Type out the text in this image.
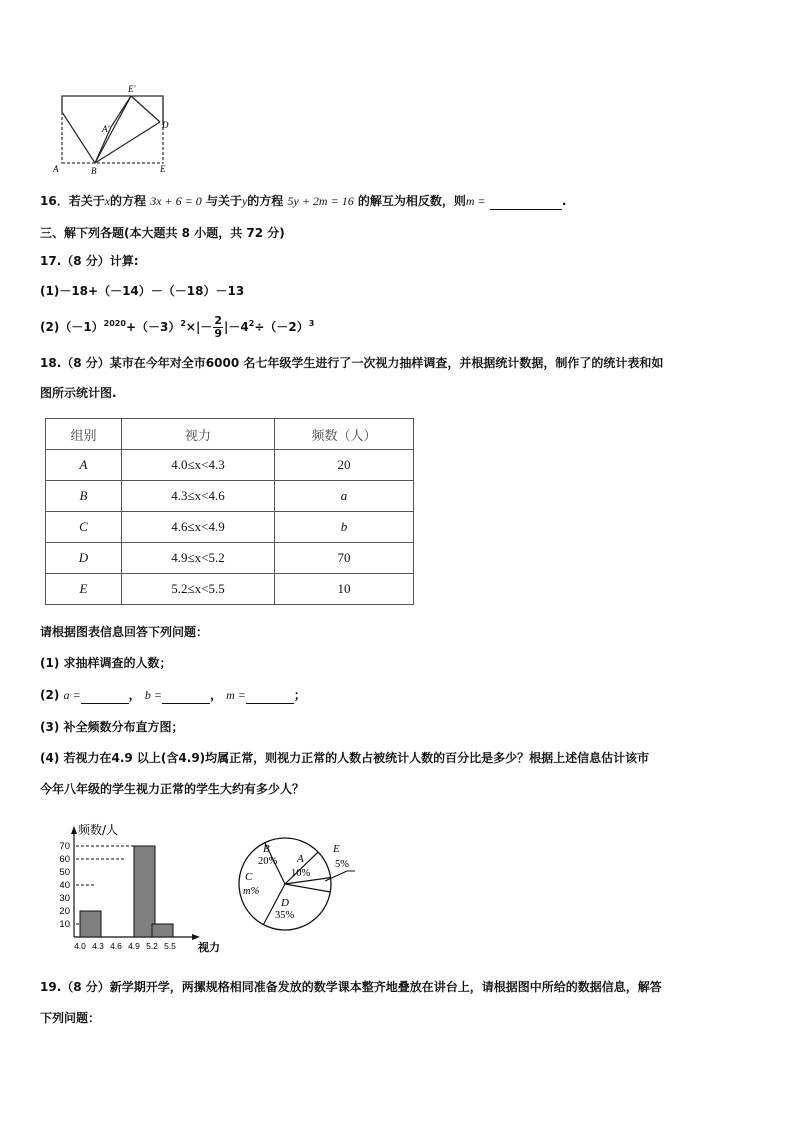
A
A'
B
D
E
E'
16．若关于x的方程 3x + 6 = 0 与关于y的方程 5y + 2m = 16 的解互为相反数，则m =	.
三、解下列各题(本大题共 8 小题，共 72 分)
17.（8 分）计算:
(1)－18+（－14）－（－18）－13
$(2)(-1)^{2020}+(-3)^2\times|- \frac{2}{9} |-4^2\div(-2)^3$
18.（8 分）某市在今年对全市6000 名七年级学生进行了一次视力抽样调查，并根据统计数据，制作了的统计表和如
图所示统计图.
组别	视力	频数（人）
A	4.0≤x<4.3	20
B	4.3≤x<4.6	a
C	4.6≤x<4.9	b
D	4.9≤x<5.2	70
E	5.2≤x<5.5	10
请根据图表信息回答下列问题：
(1) 求抽样调查的人数；
(2) a =	， b =	， m =	；
(3) 补全频数分布直方图；
(4) 若视力在4.9 以上(含4.9)均属正常，则视力正常的人数占被统计人数的百分比是多少？根据上述信息估计该市
今年八年级的学生视力正常的学生大约有多少人？
频数/人
视力
10
20
30
40
50
60
70
4.0 4.3 4.6 4.9 5.2 5.5
A
10%
B
20%
C
m%
D
35%
E
5%
19.（8 分）新学期开学，两摞规格相同准备发放的数学课本整齐地叠放在讲台上，请根据图中所给的数据信息，解答
下列问题：
